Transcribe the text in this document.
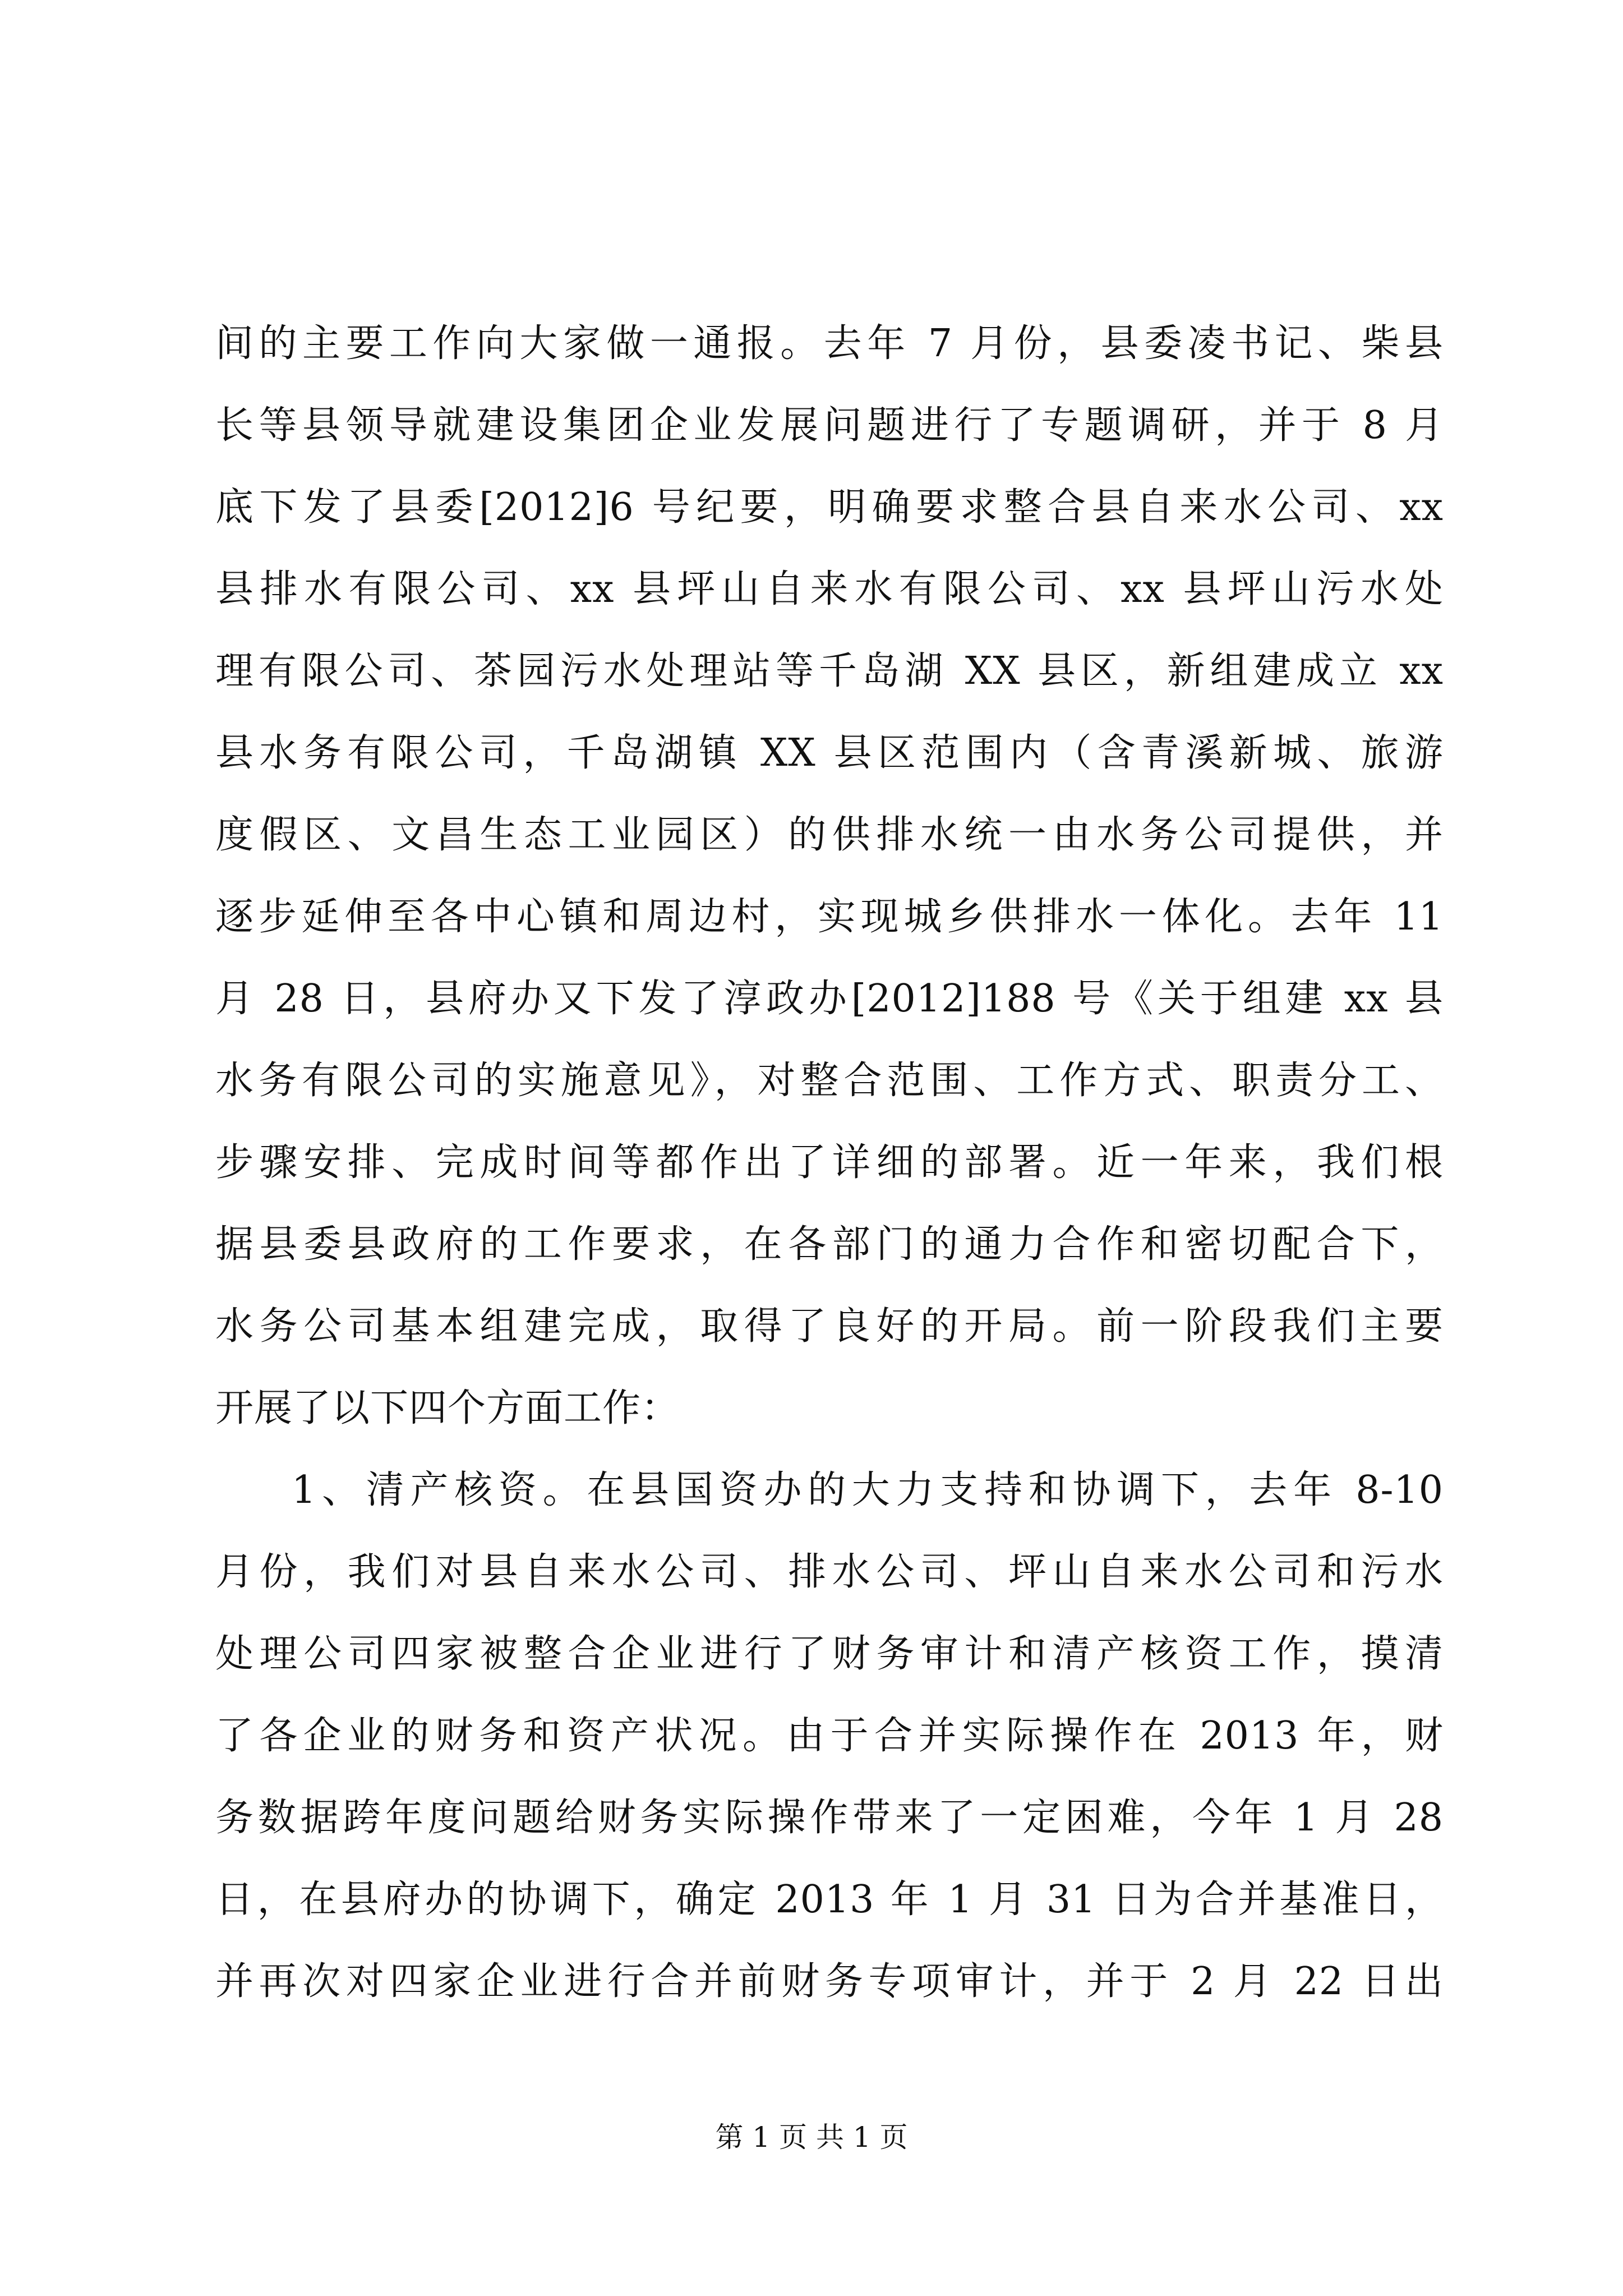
间的主要工作向大家做一通报。去年 7 月份，县委凌书记、柴县
长等县领导就建设集团企业发展问题进行了专题调研，并于 8 月
底下发了县委[2012]6 号纪要，明确要求整合县自来水公司、xx
县排水有限公司、xx 县坪山自来水有限公司、xx 县坪山污水处
理有限公司、茶园污水处理站等千岛湖 XX 县区，新组建成立 xx
县水务有限公司，千岛湖镇 XX 县区范围内（含青溪新城、旅游
度假区、文昌生态工业园区）的供排水统一由水务公司提供，并
逐步延伸至各中心镇和周边村，实现城乡供排水一体化。去年 11
月 28 日，县府办又下发了淳政办[2012]188 号《关于组建 xx 县
水务有限公司的实施意见》，对整合范围、工作方式、职责分工、
步骤安排、完成时间等都作出了详细的部署。近一年来，我们根
据县委县政府的工作要求，在各部门的通力合作和密切配合下，
水务公司基本组建完成，取得了良好的开局。前一阶段我们主要
开展了以下四个方面工作：
1、清产核资。在县国资办的大力支持和协调下，去年 8-10
月份，我们对县自来水公司、排水公司、坪山自来水公司和污水
处理公司四家被整合企业进行了财务审计和清产核资工作，摸清
了各企业的财务和资产状况。由于合并实际操作在 2013 年，财
务数据跨年度问题给财务实际操作带来了一定困难，今年 1 月 28
日，在县府办的协调下，确定 2013 年 1 月 31 日为合并基准日，
并再次对四家企业进行合并前财务专项审计，并于 2 月 22 日出
第 1 页 共 1 页
